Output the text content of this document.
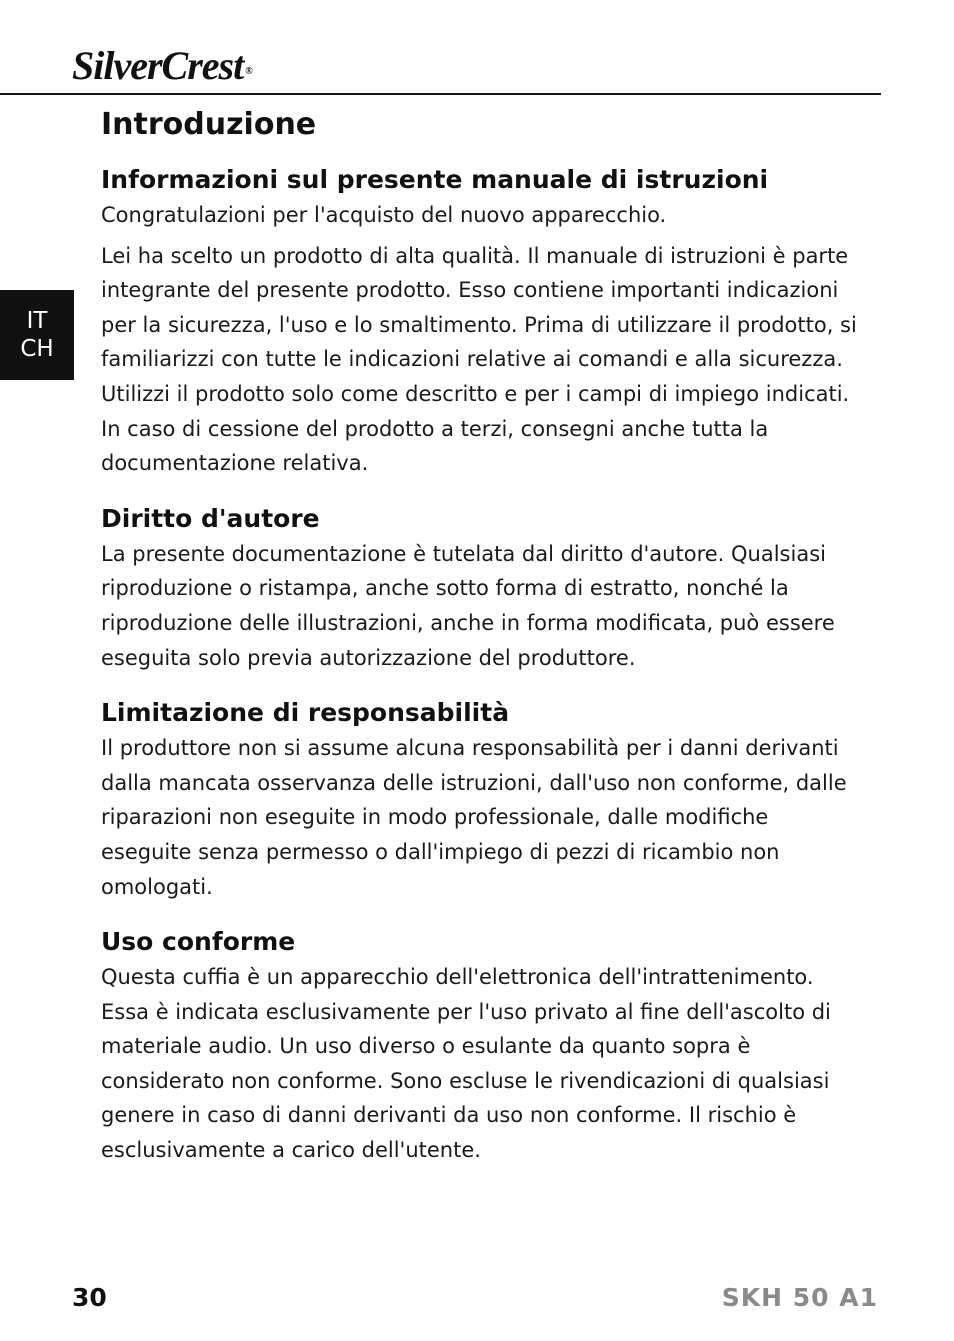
SilverCrest ®
IT
CH
Introduzione
Informazioni sul presente manuale di istruzioni

Congratulazioni per l'acquisto del nuovo apparecchio.

Lei ha scelto un prodotto di alta qualità. Il manuale di istruzioni è parte integrante del presente prodotto. Esso contiene importanti indicazioni per la sicurezza, l'uso e lo smaltimento. Prima di utilizzare il prodotto, si familiarizzi con tutte le indicazioni relative ai comandi e alla sicurezza. Utilizzi il prodotto solo come descritto e per i campi di impiego indicati. In caso di cessione del prodotto a terzi, consegni anche tutta la documentazione relativa.

Diritto d'autore

La presente documentazione è tutelata dal diritto d'autore. Qualsiasi riproduzione o ristampa, anche sotto forma di estratto, nonché la riproduzione delle illustrazioni, anche in forma modificata, può essere eseguita solo previa autorizzazione del produttore.

Limitazione di responsabilità

Il produttore non si assume alcuna responsabilità per i danni derivanti dalla mancata osservanza delle istruzioni, dall'uso non conforme, dalle riparazioni non eseguite in modo professionale, dalle modifiche eseguite senza permesso o dall'impiego di pezzi di ricambio non omologati.

Uso conforme

Questa cuffia è un apparecchio dell'elettronica dell'intrattenimento. Essa è indicata esclusivamente per l'uso privato al fine dell'ascolto di materiale audio. Un uso diverso o esulante da quanto sopra è considerato non conforme. Sono escluse le rivendicazioni di qualsiasi genere in caso di danni derivanti da uso non conforme. Il rischio è esclusivamente a carico dell'utente.

30	SKH 50 A1
